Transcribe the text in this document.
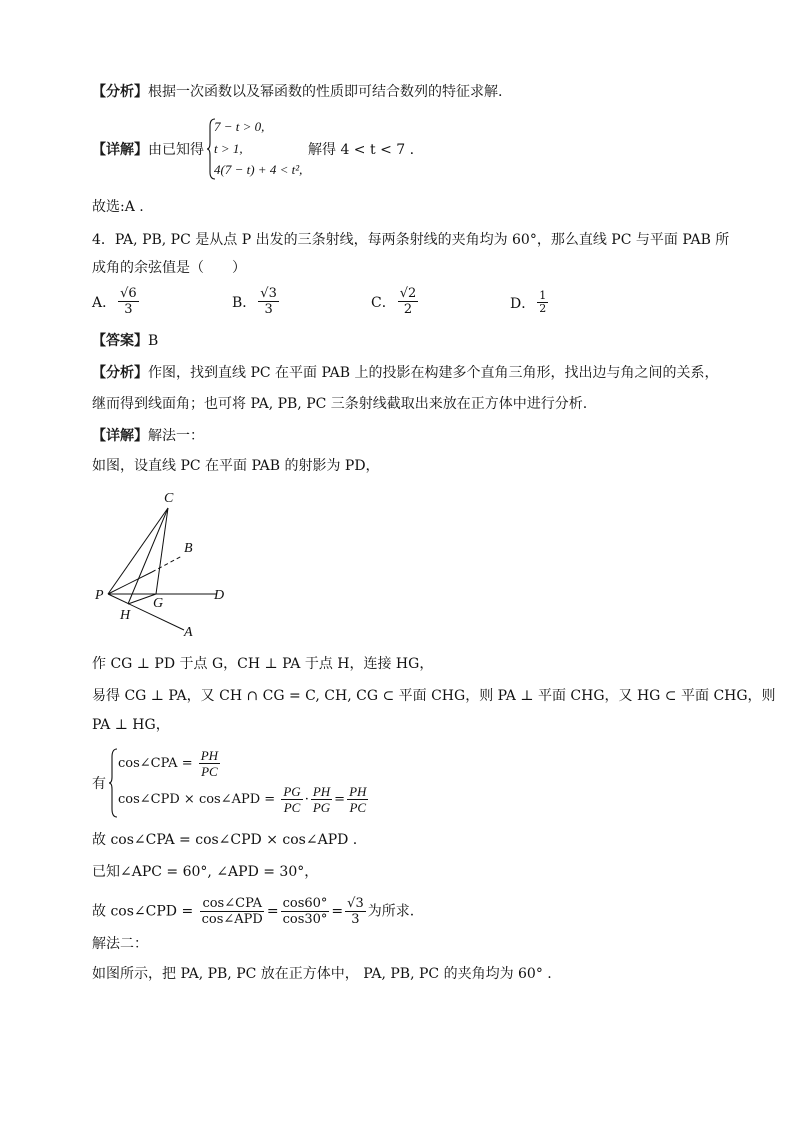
【分析】根据一次函数以及幂函数的性质即可结合数列的特征求解.
【详解】由已知得
7 − t > 0,
t > 1,
4(7 − t) + 4 < t²,
解得 4 < t < 7 .
故选:A .
4．PA, PB, PC 是从点 P 出发的三条射线，每两条射线的夹角均为 60°，那么直线 PC 与平面 PAB 所
成角的余弦值是（　　）
A． $\frac{√6}{3}$	B． $\frac{√3}{3}$	C． $\frac{√2}{2}$	D． $\frac{1}{2}$
【答案】B
【分析】作图，找到直线 PC 在平面 PAB 上的投影在构建多个直角三角形，找出边与角之间的关系，
继而得到线面角；也可将 PA, PB, PC 三条射线截取出来放在正方体中进行分析.
【详解】解法一：
如图，设直线 PC 在平面 PAB 的射影为 PD，
C
B
P
G
D
H
A
作 CG ⊥ PD 于点 G，CH ⊥ PA 于点 H，连接 HG，
易得 CG ⊥ PA，又 CH ∩ CG = C, CH, CG ⊂ 平面 CHG，则 PA ⊥ 平面 CHG，又 HG ⊂ 平面 CHG，则
PA ⊥ HG，
有
cos∠CPA = $\frac{PH}{PC}$
cos∠CPD × cos∠APD = $\frac{PG}{PC} \cdot \frac{PH}{PG} = \frac{PH}{PC}$
故 cos∠CPA = cos∠CPD × cos∠APD .
已知∠APC = 60°, ∠APD = 30°，
故 cos∠CPD = $\frac{\text{cos∠CPA}}{\text{cos∠APD}} = \frac{\cos 60^\circ}{\cos 30^\circ} = \frac{√3}{3}$ 为所求.
解法二：
如图所示，把 PA, PB, PC 放在正方体中， PA, PB, PC 的夹角均为 60° .
